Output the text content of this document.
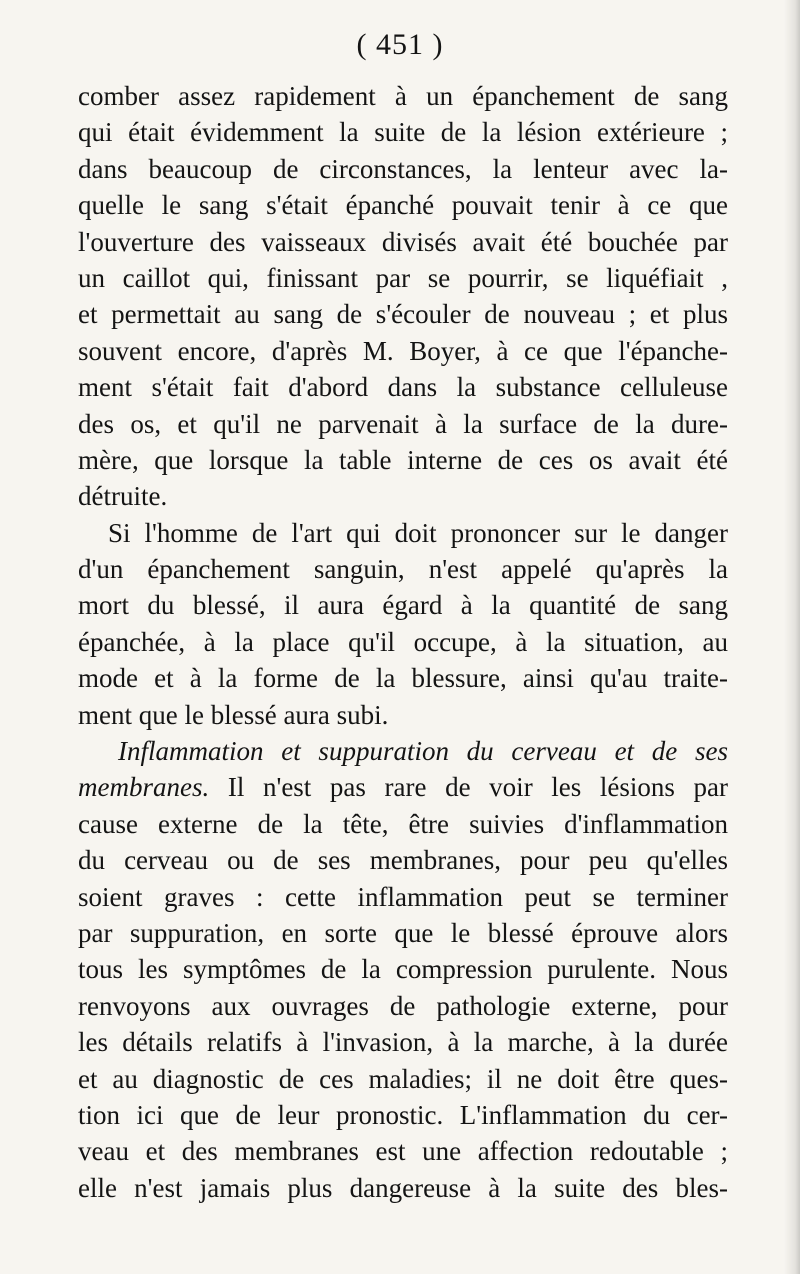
( 451 )
comber assez rapidement à un épanchement de sang
qui était évidemment la suite de la lésion extérieure ;
dans beaucoup de circonstances, la lenteur avec la-
quelle le sang s'était épanché pouvait tenir à ce que
l'ouverture des vaisseaux divisés avait été bouchée par
un caillot qui, finissant par se pourrir, se liquéfiait ,
et permettait au sang de s'écouler de nouveau ; et plus
souvent encore, d'après M. Boyer, à ce que l'épanche-
ment s'était fait d'abord dans la substance celluleuse
des os, et qu'il ne parvenait à la surface de la dure-
mère, que lorsque la table interne de ces os avait été
détruite.
Si l'homme de l'art qui doit prononcer sur le danger
d'un épanchement sanguin, n'est appelé qu'après la
mort du blessé, il aura égard à la quantité de sang
épanchée, à la place qu'il occupe, à la situation, au
mode et à la forme de la blessure, ainsi qu'au traite-
ment que le blessé aura subi.
Inflammation et suppuration du cerveau et de ses
membranes. Il n'est pas rare de voir les lésions par
cause externe de la tête, être suivies d'inflammation
du cerveau ou de ses membranes, pour peu qu'elles
soient graves : cette inflammation peut se terminer
par suppuration, en sorte que le blessé éprouve alors
tous les symptômes de la compression purulente. Nous
renvoyons aux ouvrages de pathologie externe, pour
les détails relatifs à l'invasion, à la marche, à la durée
et au diagnostic de ces maladies; il ne doit être ques-
tion ici que de leur pronostic. L'inflammation du cer-
veau et des membranes est une affection redoutable ;
elle n'est jamais plus dangereuse à la suite des bles-
